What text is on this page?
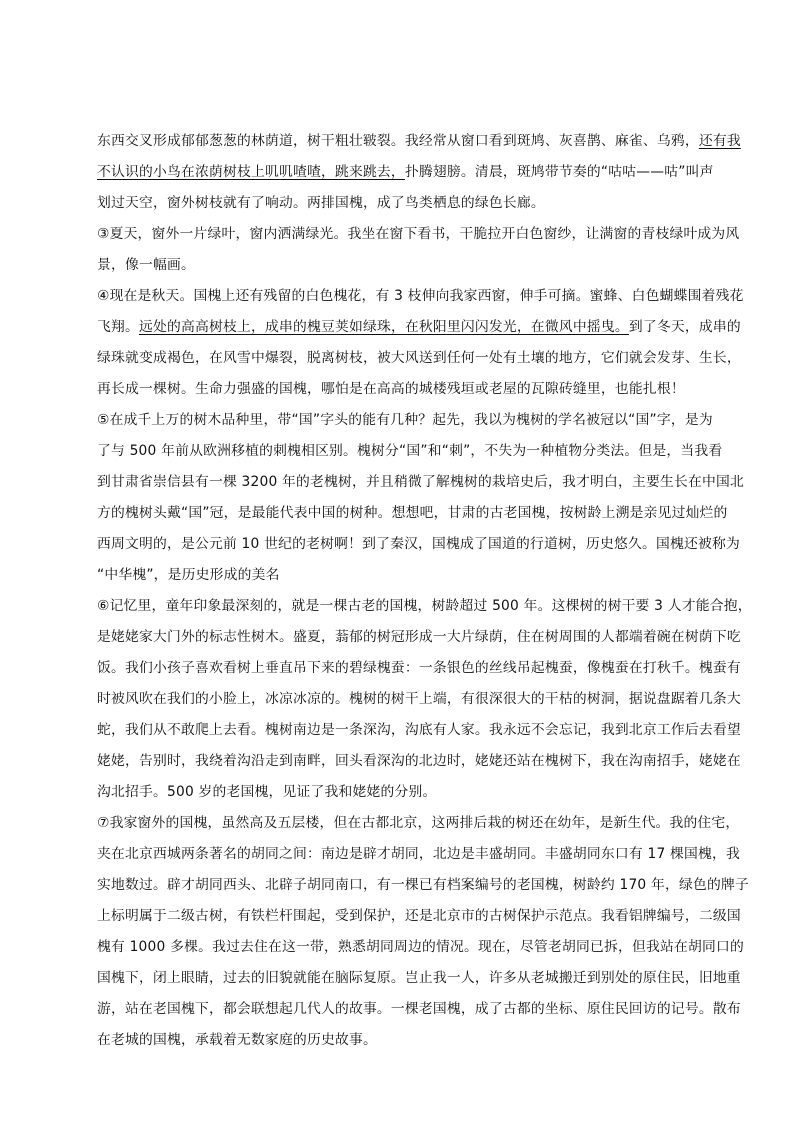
东西交叉形成郁郁葱葱的林荫道，树干粗壮皲裂。我经常从窗口看到斑鸠、灰喜鹊、麻雀、乌鸦，还有我
不认识的小鸟在浓荫树枝上叽叽喳喳，跳来跳去，扑腾翅膀。清晨，斑鸠带节奏的“咕咕——咕”叫声
划过天空，窗外树枝就有了响动。两排国槐，成了鸟类栖息的绿色长廊。
③夏天，窗外一片绿叶，窗内洒满绿光。我坐在窗下看书，干脆拉开白色窗纱，让满窗的青枝绿叶成为风
景，像一幅画。
④现在是秋天。国槐上还有残留的白色槐花，有 3 枝伸向我家西窗，伸手可摘。蜜蜂、白色蝴蝶围着残花
飞翔。远处的高高树枝上，成串的槐豆荚如绿珠，在秋阳里闪闪发光，在微风中摇曳。到了冬天，成串的
绿珠就变成褐色，在风雪中爆裂，脱离树枝，被大风送到任何一处有土壤的地方，它们就会发芽、生长，
再长成一棵树。生命力强盛的国槐，哪怕是在高高的城楼残垣或老屋的瓦隙砖缝里，也能扎根！
⑤在成千上万的树木品种里，带“国”字头的能有几种？起先，我以为槐树的学名被冠以“国”字，是为
了与 500 年前从欧洲移植的刺槐相区别。槐树分“国”和“刺”，不失为一种植物分类法。但是，当我看
到甘肃省崇信县有一棵 3200 年的老槐树，并且稍微了解槐树的栽培史后，我才明白，主要生长在中国北
方的槐树头戴“国”冠，是最能代表中国的树种。想想吧，甘肃的古老国槐，按树龄上溯是亲见过灿烂的
西周文明的，是公元前 10 世纪的老树啊！到了秦汉，国槐成了国道的行道树，历史悠久。国槐还被称为
“中华槐”，是历史形成的美名
⑥记忆里，童年印象最深刻的，就是一棵古老的国槐，树龄超过 500 年。这棵树的树干要 3 人才能合抱，
是姥姥家大门外的标志性树木。盛夏，蓊郁的树冠形成一大片绿荫，住在树周围的人都端着碗在树荫下吃
饭。我们小孩子喜欢看树上垂直吊下来的碧绿槐蚕：一条银色的丝线吊起槐蚕，像槐蚕在打秋千。槐蚕有
时被风吹在我们的小脸上，冰凉冰凉的。槐树的树干上端，有很深很大的干枯的树洞，据说盘踞着几条大
蛇，我们从不敢爬上去看。槐树南边是一条深沟，沟底有人家。我永远不会忘记，我到北京工作后去看望
姥姥，告别时，我绕着沟沿走到南畔，回头看深沟的北边时，姥姥还站在槐树下，我在沟南招手，姥姥在
沟北招手。500 岁的老国槐，见证了我和姥姥的分别。
⑦我家窗外的国槐，虽然高及五层楼，但在古都北京，这两排后栽的树还在幼年，是新生代。我的住宅，
夹在北京西城两条著名的胡同之间：南边是辟才胡同，北边是丰盛胡同。丰盛胡同东口有 17 棵国槐，我
实地数过。辟才胡同西头、北辟子胡同南口，有一棵已有档案编号的老国槐，树龄约 170 年，绿色的牌子
上标明属于二级古树，有铁栏杆围起，受到保护，还是北京市的古树保护示范点。我看铝牌编号，二级国
槐有 1000 多棵。我过去住在这一带，熟悉胡同周边的情况。现在，尽管老胡同已拆，但我站在胡同口的
国槐下，闭上眼睛，过去的旧貌就能在脑际复原。岂止我一人，许多从老城搬迁到别处的原住民，旧地重
游，站在老国槐下，都会联想起几代人的故事。一棵老国槐，成了古都的坐标、原住民回访的记号。散布
在老城的国槐，承载着无数家庭的历史故事。
